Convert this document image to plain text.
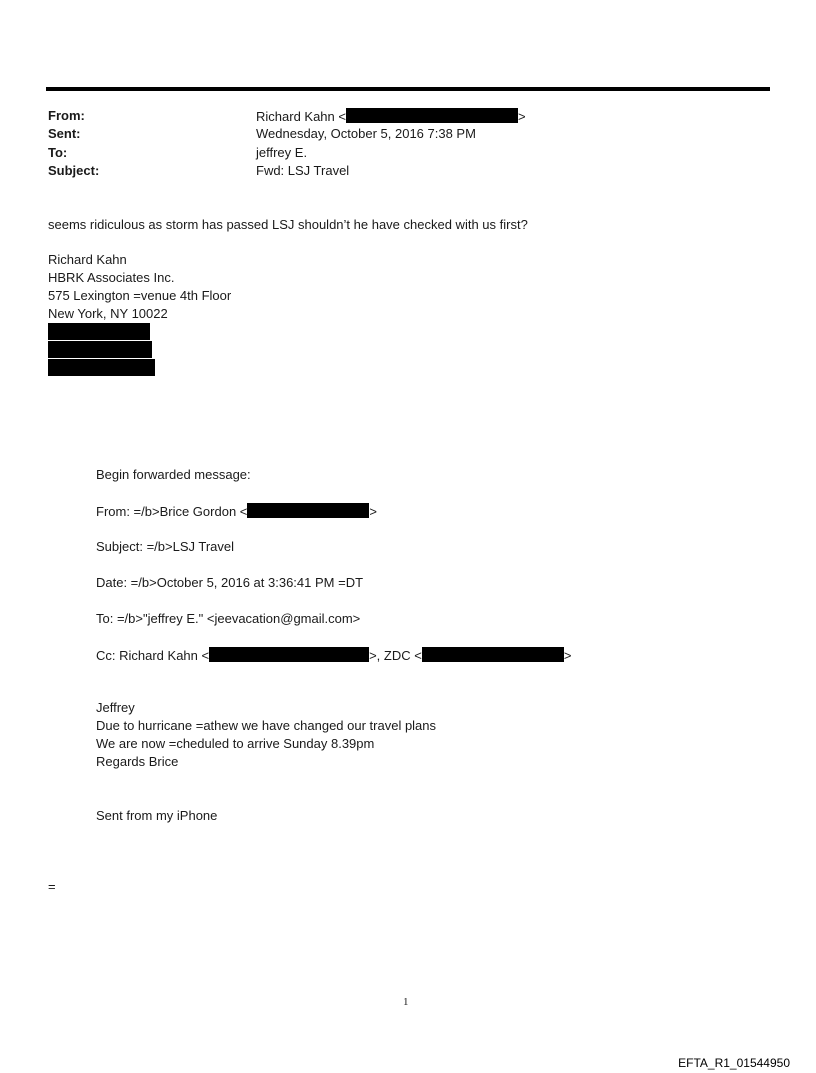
From:	Richard Kahn <	>
Sent:	Wednesday, October 5, 2016 7:38 PM
To:	jeffrey E.
Subject:	Fwd: LSJ Travel
seems ridiculous as storm has passed LSJ shouldn’t he have checked with us first?
Richard Kahn
HBRK Associates Inc.
575 Lexington =venue 4th Floor
New York, NY 10022
Begin forwarded message:
From: =/b>Brice Gordon <	>
Subject: =/b>LSJ Travel
Date: =/b>October 5, 2016 at 3:36:41 PM =DT
To: =/b>"jeffrey E." <jeevacation@gmail.com>
Cc: Richard Kahn <	>, ZDC <	>
Jeffrey
Due to hurricane =athew we have changed our travel plans
We are now =cheduled to arrive Sunday 8.39pm
Regards Brice
Sent from my iPhone
=
1
EFTA_R1_01544950
